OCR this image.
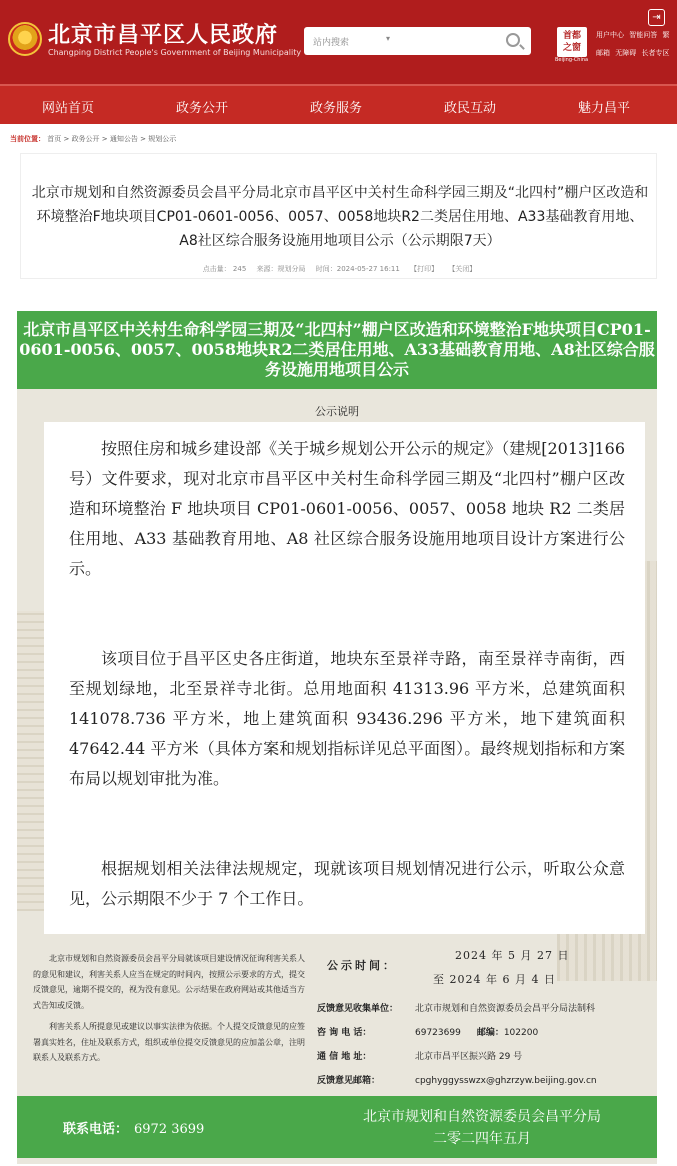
北京市昌平区人民政府
Changping District People's Government of Beijing Municipality
站内搜索	▾	首都
之窗
Beijing-China
⇥
用户中心 智能问答 繁
邮箱 无障碍 长者专区
网站首页	政务公开	政务服务	政民互动	魅力昌平
当前位置： 首页 > 政务公开 > 通知公告 > 规划公示
北京市规划和自然资源委员会昌平分局北京市昌平区中关村生命科学园三期及“北四村”棚户区改造和环境整治F地块项目CP01-0601-0056、0057、0058地块R2二类居住用地、A33基础教育用地、A8社区综合服务设施用地项目公示（公示期限7天）
点击量： 245 来源：规划分局 时间：2024-05-27 16:11 【打印】 【关闭】
北京市昌平区中关村生命科学园三期及“北四村”棚户区改造和环境整治F地块项目CP01-0601-0056、0057、0058地块R2二类居住用地、A33基础教育用地、A8社区综合服务设施用地项目公示
公示说明

按照住房和城乡建设部《关于城乡规划公开公示的规定》（建规[2013]166 号）文件要求，现对北京市昌平区中关村生命科学园三期及“北四村”棚户区改造和环境整治 F 地块项目 CP01-0601-0056、0057、0058 地块 R2 二类居住用地、A33 基础教育用地、A8 社区综合服务设施用地项目设计方案进行公示。

该项目位于昌平区史各庄街道，地块东至景祥寺路，南至景祥寺南街，西至规划绿地，北至景祥寺北街。总用地面积 41313.96 平方米，总建筑面积 141078.736 平方米，地上建筑面积 93436.296 平方米，地下建筑面积 47642.44 平方米（具体方案和规划指标详见总平面图）。最终规划指标和方案布局以规划审批为准。

根据规划相关法律法规规定，现就该项目规划情况进行公示，听取公众意见，公示期限不少于 7 个工作日。

北京市规划和自然资源委员会昌平分局就该项目建设情况征询利害关系人的意见和建议，利害关系人应当在规定的时间内，按照公示要求的方式，提交反馈意见，逾期不提交的，视为没有意见。公示结果在政府网站或其他适当方式告知或反馈。
利害关系人所提意见或建议以事实法律为依据。个人提交反馈意见的应签署真实姓名，住址及联系方式，组织或单位提交反馈意见的应加盖公章，注明联系人及联系方式。
公示时间：
2024 年 5 月 27 日
至 2024 年 6 月 4 日
反馈意见收集单位： 北京市规划和自然资源委员会昌平分局法制科
咨 询 电 话：	69723699 邮编：102200
通 信 地 址：	北京市昌平区振兴路 29 号
反馈意见邮箱：	cpghyggysswzx@ghzrzyw.beijing.gov.cn
联系电话： 6972 3699
北京市规划和自然资源委员会昌平分局
二零二四年五月
